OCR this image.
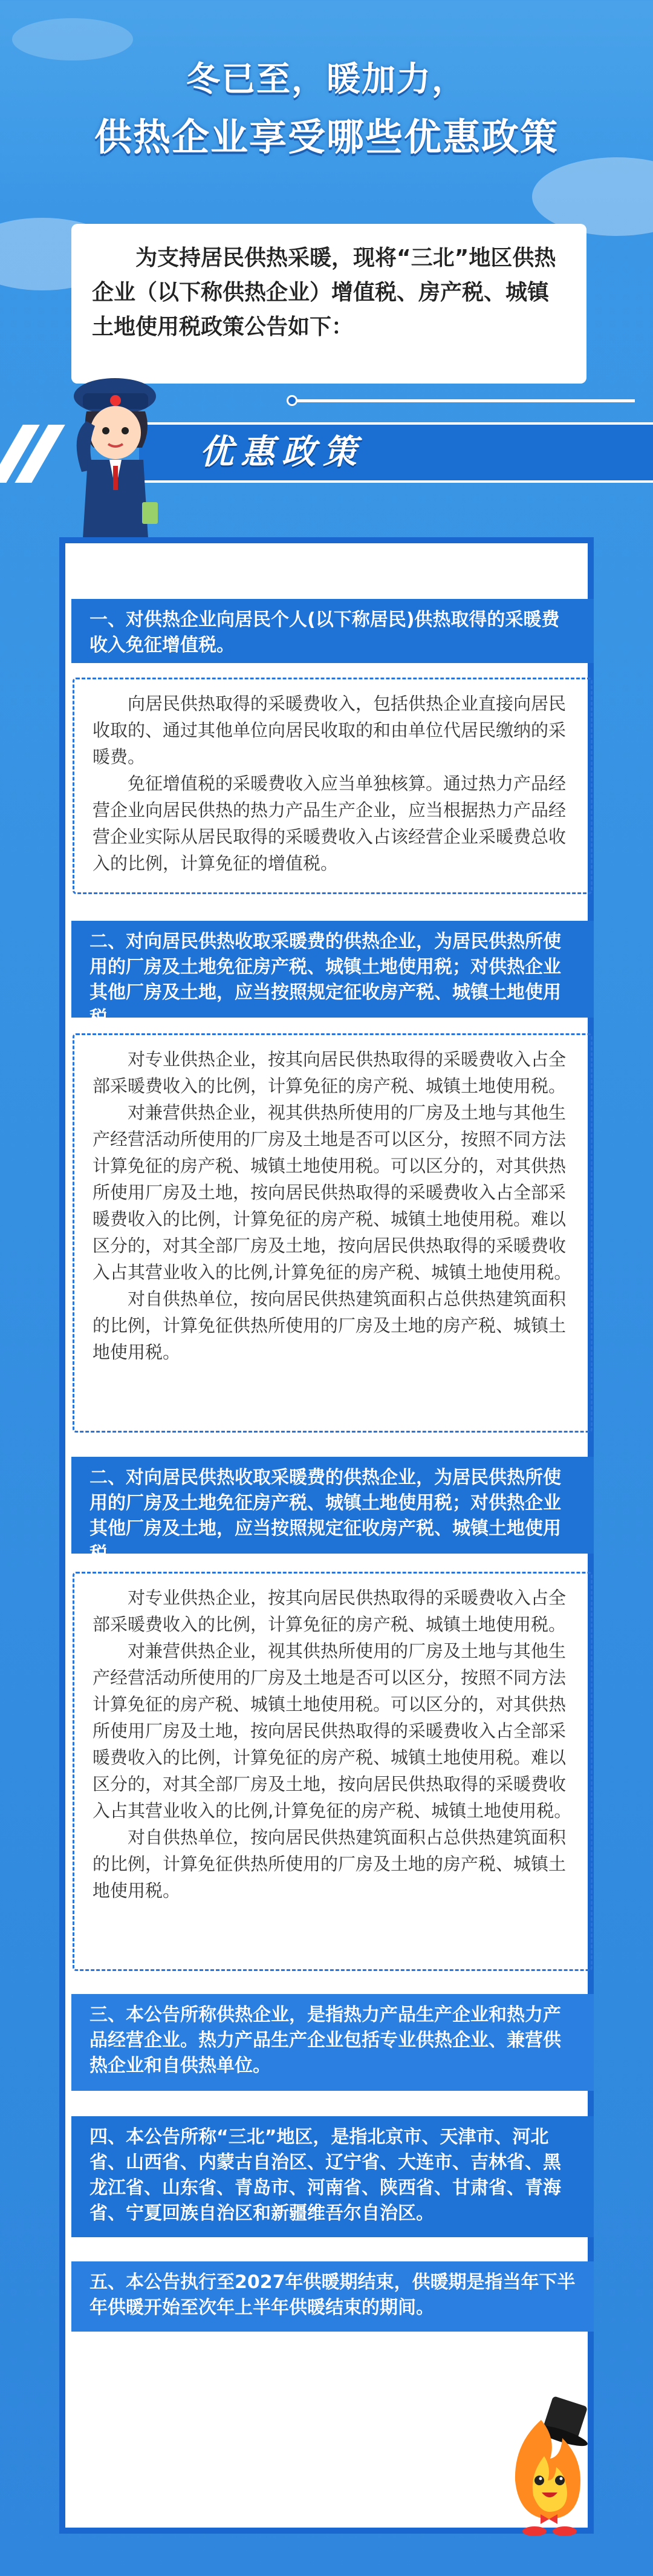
冬已至，暖加力，
供热企业享受哪些优惠政策
为支持居民供热采暖，现将“三北”地区供热企业（以下称供热企业）增值税、房产税、城镇土地使用税政策公告如下：
优惠政策
一、对供热企业向居民个人(以下称居民)供热取得的采暖费收入免征增值税。

向居民供热取得的采暖费收入，包括供热企业直接向居民收取的、通过其他单位向居民收取的和由单位代居民缴纳的采暖费。

免征增值税的采暖费收入应当单独核算。通过热力产品经营企业向居民供热的热力产品生产企业，应当根据热力产品经营企业实际从居民取得的采暖费收入占该经营企业采暖费总收入的比例，计算免征的增值税。

二、对向居民供热收取采暖费的供热企业，为居民供热所使用的厂房及土地免征房产税、城镇土地使用税；对供热企业其他厂房及土地，应当按照规定征收房产税、城镇土地使用税。

对专业供热企业，按其向居民供热取得的采暖费收入占全部采暖费收入的比例，计算免征的房产税、城镇土地使用税。

对兼营供热企业，视其供热所使用的厂房及土地与其他生产经营活动所使用的厂房及土地是否可以区分，按照不同方法计算免征的房产税、城镇土地使用税。可以区分的，对其供热所使用厂房及土地，按向居民供热取得的采暖费收入占全部采暖费收入的比例，计算免征的房产税、城镇土地使用税。难以区分的，对其全部厂房及土地，按向居民供热取得的采暖费收入占其营业收入的比例,计算免征的房产税、城镇土地使用税。

对自供热单位，按向居民供热建筑面积占总供热建筑面积的比例，计算免征供热所使用的厂房及土地的房产税、城镇土地使用税。

二、对向居民供热收取采暖费的供热企业，为居民供热所使用的厂房及土地免征房产税、城镇土地使用税；对供热企业其他厂房及土地，应当按照规定征收房产税、城镇土地使用税。

对专业供热企业，按其向居民供热取得的采暖费收入占全部采暖费收入的比例，计算免征的房产税、城镇土地使用税。

对兼营供热企业，视其供热所使用的厂房及土地与其他生产经营活动所使用的厂房及土地是否可以区分，按照不同方法计算免征的房产税、城镇土地使用税。可以区分的，对其供热所使用厂房及土地，按向居民供热取得的采暖费收入占全部采暖费收入的比例，计算免征的房产税、城镇土地使用税。难以区分的，对其全部厂房及土地，按向居民供热取得的采暖费收入占其营业收入的比例,计算免征的房产税、城镇土地使用税。

对自供热单位，按向居民供热建筑面积占总供热建筑面积的比例，计算免征供热所使用的厂房及土地的房产税、城镇土地使用税。

三、本公告所称供热企业，是指热力产品生产企业和热力产品经营企业。热力产品生产企业包括专业供热企业、兼营供热企业和自供热单位。
四、本公告所称“三北”地区，是指北京市、天津市、河北省、山西省、内蒙古自治区、辽宁省、大连市、吉林省、黑龙江省、山东省、青岛市、河南省、陕西省、甘肃省、青海省、宁夏回族自治区和新疆维吾尔自治区。
五、本公告执行至2027年供暖期结束，供暖期是指当年下半年供暖开始至次年上半年供暖结束的期间。
